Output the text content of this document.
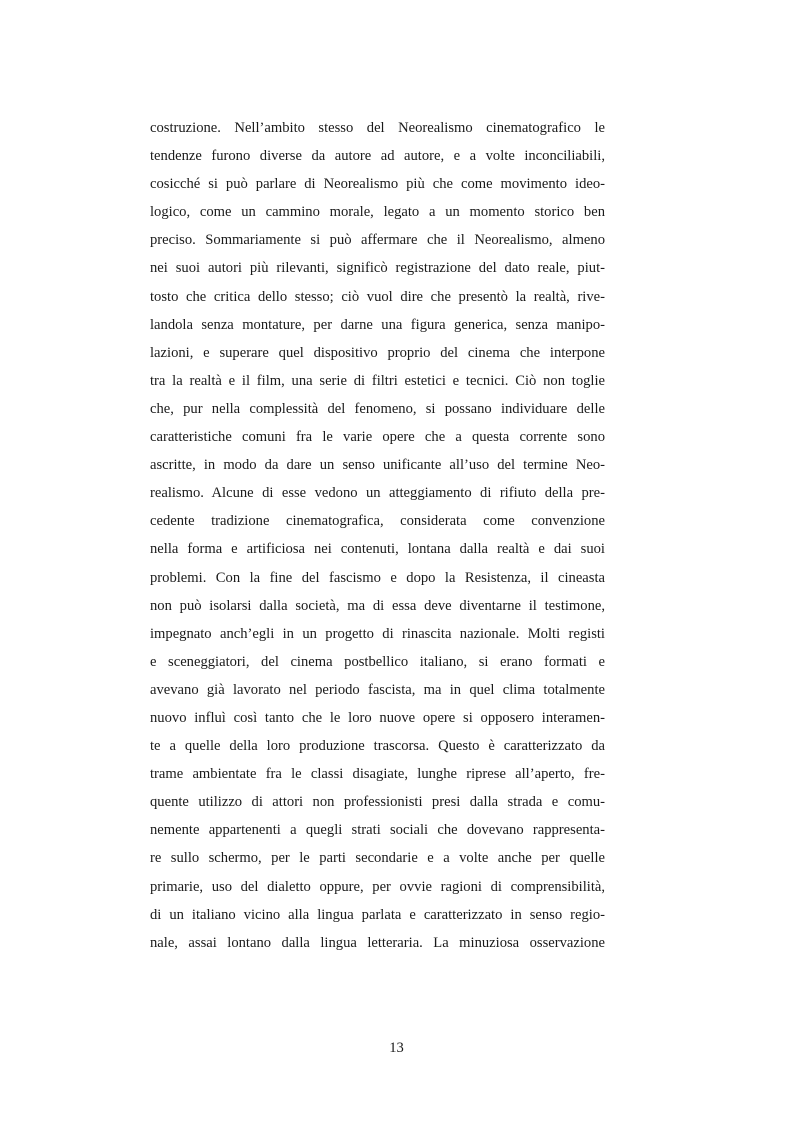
costruzione. Nell’ambito stesso del Neorealismo cinematografico le
tendenze furono diverse da autore ad autore, e a volte inconciliabili,
cosicché si può parlare di Neorealismo più che come movimento ideo-
logico, come un cammino morale, legato a un momento storico ben
preciso. Sommariamente si può affermare che il Neorealismo, almeno
nei suoi autori più rilevanti, significò registrazione del dato reale, piut-
tosto che critica dello stesso; ciò vuol dire che presentò la realtà, rive-
landola senza montature, per darne una figura generica, senza manipo-
lazioni, e superare quel dispositivo proprio del cinema che interpone
tra la realtà e il film, una serie di filtri estetici e tecnici. Ciò non toglie
che, pur nella complessità del fenomeno, si possano individuare delle
caratteristiche comuni fra le varie opere che a questa corrente sono
ascritte, in modo da dare un senso unificante all’uso del termine Neo-
realismo. Alcune di esse vedono un atteggiamento di rifiuto della pre-
cedente tradizione cinematografica, considerata come convenzione
nella forma e artificiosa nei contenuti, lontana dalla realtà e dai suoi
problemi. Con la fine del fascismo e dopo la Resistenza, il cineasta
non può isolarsi dalla società, ma di essa deve diventarne il testimone,
impegnato anch’egli in un progetto di rinascita nazionale. Molti registi
e sceneggiatori, del cinema postbellico italiano, si erano formati e
avevano già lavorato nel periodo fascista, ma in quel clima totalmente
nuovo influì così tanto che le loro nuove opere si opposero interamen-
te a quelle della loro produzione trascorsa. Questo è caratterizzato da
trame ambientate fra le classi disagiate, lunghe riprese all’aperto, fre-
quente utilizzo di attori non professionisti presi dalla strada e comu-
nemente appartenenti a quegli strati sociali che dovevano rappresenta-
re sullo schermo, per le parti secondarie e a volte anche per quelle
primarie, uso del dialetto oppure, per ovvie ragioni di comprensibilità,
di un italiano vicino alla lingua parlata e caratterizzato in senso regio-
nale, assai lontano dalla lingua letteraria. La minuziosa osservazione
13
